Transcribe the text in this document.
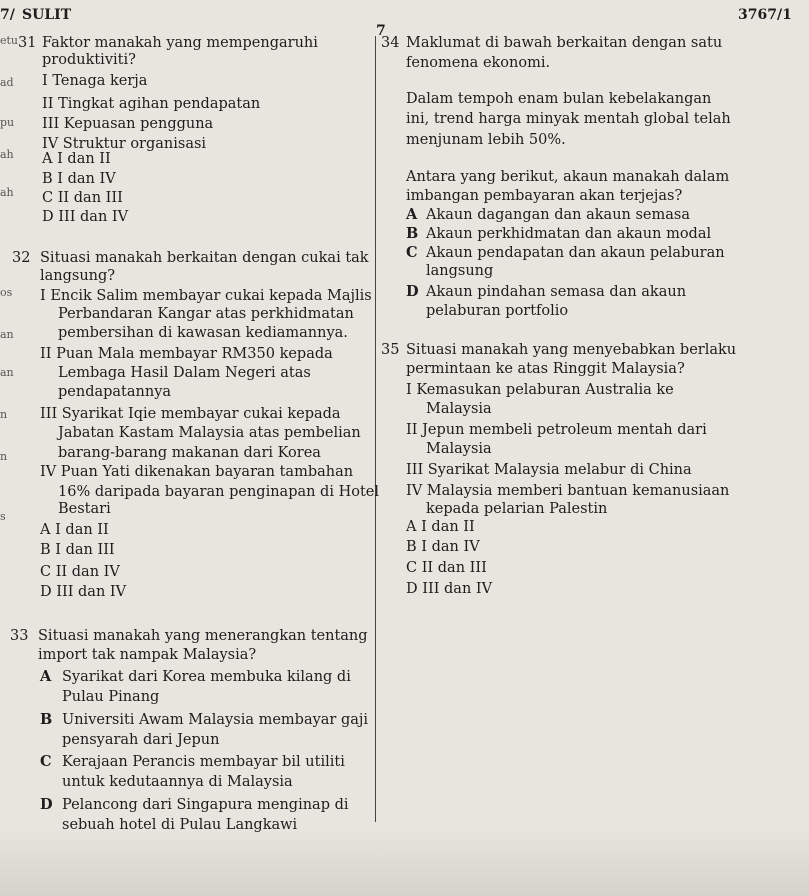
7/ SULIT
7
3767/1
etu
ad
pu
ah
ah
os
an
an
n
n
s
31 Faktor manakah yang mempengaruhi
produktiviti?
I Tenaga kerja
II Tingkat agihan pendapatan
III Kepuasan pengguna
IV Struktur organisasi
A I dan II
B I dan IV
C II dan III
D III dan IV
32 Situasi manakah berkaitan dengan cukai tak
langsung?
I Encik Salim membayar cukai kepada Majlis
Perbandaran Kangar atas perkhidmatan
pembersihan di kawasan kediamannya.
II Puan Mala membayar RM350 kepada
Lembaga Hasil Dalam Negeri atas
pendapatannya
III Syarikat Iqie membayar cukai kepada
Jabatan Kastam Malaysia atas pembelian
barang-barang makanan dari Korea
IV Puan Yati dikenakan bayaran tambahan
16% daripada bayaran penginapan di Hotel
Bestari
A I dan II
B I dan III
C II dan IV
D III dan IV
33 Situasi manakah yang menerangkan tentang
import tak nampak Malaysia?
A Syarikat dari Korea membuka kilang di
Pulau Pinang
B Universiti Awam Malaysia membayar gaji
pensyarah dari Jepun
C Kerajaan Perancis membayar bil utiliti
untuk kedutaannya di Malaysia
D Pelancong dari Singapura menginap di
sebuah hotel di Pulau Langkawi
34 Maklumat di bawah berkaitan dengan satu
fenomena ekonomi.
Dalam tempoh enam bulan kebelakangan
ini, trend harga minyak mentah global telah
menjunam lebih 50%.
Antara yang berikut, akaun manakah dalam
imbangan pembayaran akan terjejas?
A Akaun dagangan dan akaun semasa
B Akaun perkhidmatan dan akaun modal
C Akaun pendapatan dan akaun pelaburan
langsung
D Akaun pindahan semasa dan akaun
pelaburan portfolio
35 Situasi manakah yang menyebabkan berlaku
permintaan ke atas Ringgit Malaysia?
I Kemasukan pelaburan Australia ke
Malaysia
II Jepun membeli petroleum mentah dari
Malaysia
III Syarikat Malaysia melabur di China
IV Malaysia memberi bantuan kemanusiaan
kepada pelarian Palestin
A I dan II
B I dan IV
C II dan III
D III dan IV
